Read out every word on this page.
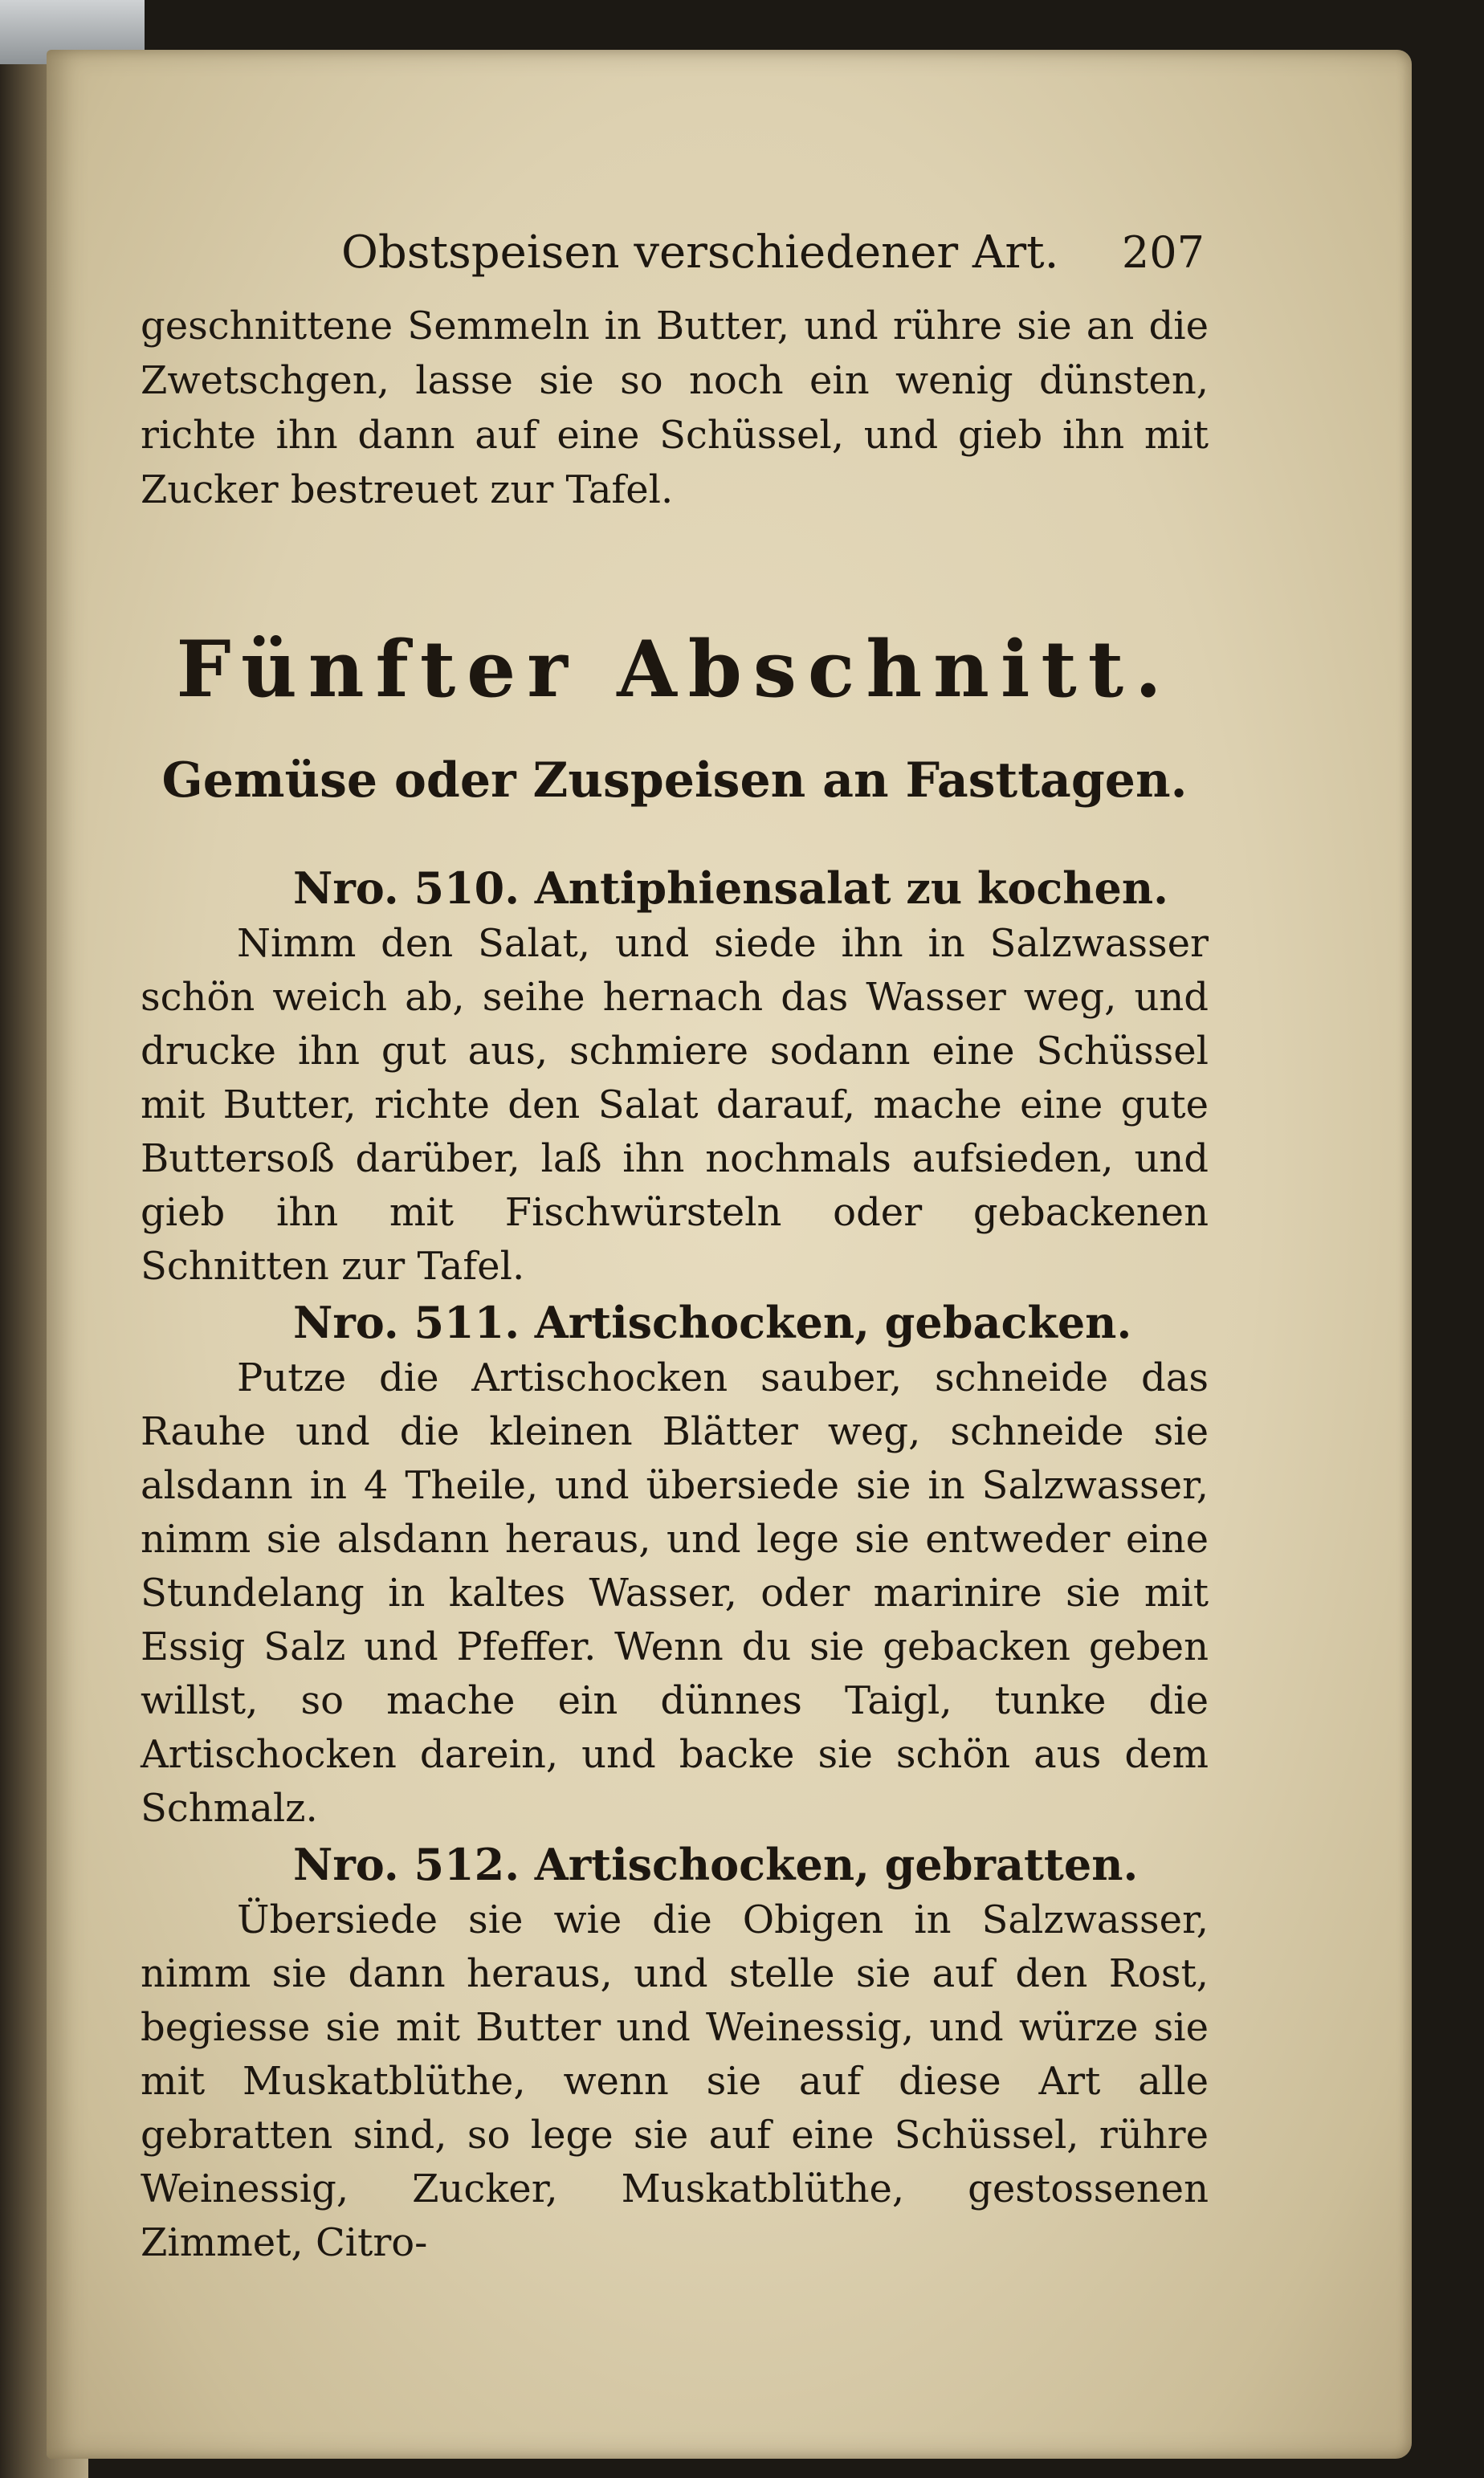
Obstspeisen verschiedener Art. 207

geschnittene Semmeln in Butter, und rühre sie an die Zwetschgen, lasse sie so noch ein wenig dünsten, richte ihn dann auf eine Schüssel, und gieb ihn mit Zucker bestreuet zur Tafel.

Fünfter Abschnitt.
Gemüse oder Zuspeisen an Fasttagen.
Nro. 510. Antiphiensalat zu kochen.

Nimm den Salat, und siede ihn in Salzwasser schön weich ab, seihe hernach das Wasser weg, und drucke ihn gut aus, schmiere sodann eine Schüssel mit Butter, richte den Salat darauf, mache eine gute Buttersoß darüber, laß ihn nochmals aufsieden, und gieb ihn mit Fischwürsteln oder gebackenen Schnitten zur Tafel.

Nro. 511. Artischocken, gebacken.

Putze die Artischocken sauber, schneide das Rauhe und die kleinen Blätter weg, schneide sie alsdann in 4 Theile, und übersiede sie in Salzwasser, nimm sie alsdann heraus, und lege sie entweder eine Stundelang in kaltes Wasser, oder marinire sie mit Essig Salz und Pfeffer. Wenn du sie gebacken geben willst, so mache ein dünnes Taigl, tunke die Artischocken darein, und backe sie schön aus dem Schmalz.

Nro. 512. Artischocken, gebratten.

Übersiede sie wie die Obigen in Salzwasser, nimm sie dann heraus, und stelle sie auf den Rost, begiesse sie mit Butter und Weinessig, und würze sie mit Muskatblüthe, wenn sie auf diese Art alle gebratten sind, so lege sie auf eine Schüssel, rühre Weinessig, Zucker, Muskatblüthe, gestossenen Zimmet, Citro-
